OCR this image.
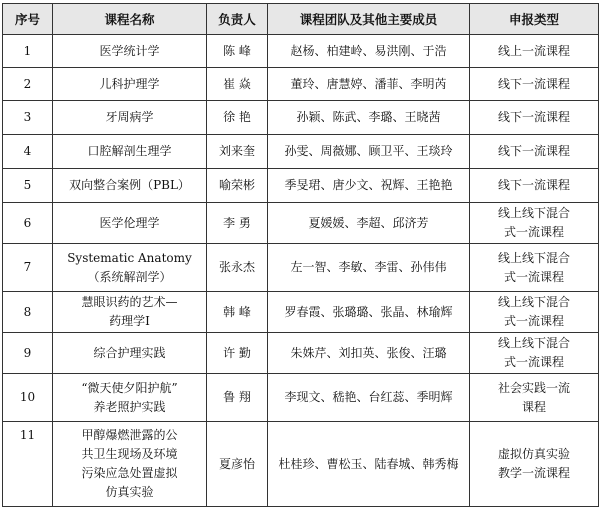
序号	课程名称	负责人	课程团队及其他主要成员	申报类型
1	医学统计学	陈 峰	赵杨、柏建岭、易洪刚、于浩	线上一流课程

2	儿科护理学	崔 焱	董玲、唐慧婷、潘菲、李明芮	线下一流课程

3	牙周病学	徐 艳	孙颖、陈武、李璐、王晓茜	线下一流课程

4	口腔解剖生理学	刘来奎	孙雯、周薇娜、顾卫平、王琰玲	线下一流课程

5	双向整合案例（PBL）	喻荣彬	季旻珺、唐少文、祝辉、王艳艳	线下一流课程

6	医学伦理学	李 勇	夏媛媛、李超、邱济芳	线上线下混合
式一流课程

7	Systematic Anatomy
（系统解剖学）	张永杰	左一智、李敏、李雷、孙伟伟	线上线下混合
式一流课程

8	慧眼识药的艺术—
药理学Ⅰ	韩 峰	罗春霞、张璐璐、张晶、林瑜辉	线上线下混合
式一流课程

9	综合护理实践	许 勤	朱姝芹、刘扣英、张俊、汪璐	线上线下混合
式一流课程

10	“微天使夕阳护航”
养老照护实践	鲁 翔	李现文、嵇艳、台红蕊、季明辉	社会实践一流
课程

11	甲醇爆燃泄露的公
共卫生现场及环境
污染应急处置虚拟
仿真实验	夏彦怡	杜桂珍、曹松玉、陆春城、韩秀梅	虚拟仿真实验
教学一流课程
